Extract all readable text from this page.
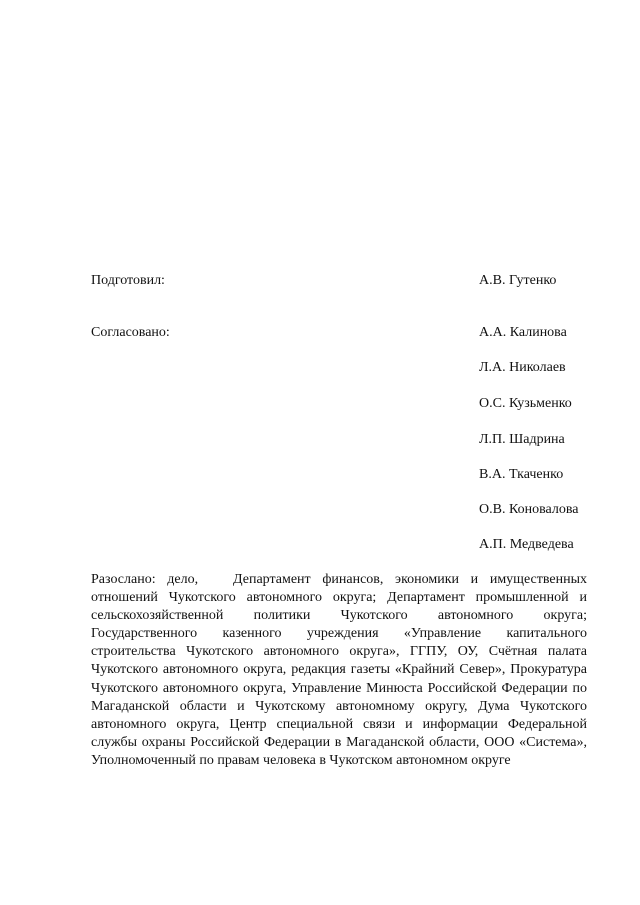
Подготовил:	А.В. Гутенко
Согласовано:	А.А. Калинова
Л.А. Николаев
О.С. Кузьменко
Л.П. Шадрина
В.А. Ткаченко
О.В. Коновалова
А.П. Медведева

Разослано: дело,   Департамент финансов, экономики и имущественных отношений Чукотского автономного округа; Департамент промышленной и сельскохозяйственной политики Чукотского автономного округа; Государственного казенного учреждения «Управление капитального строительства Чукотского автономного округа», ГГПУ, ОУ, Счётная палата Чукотского автономного округа, редакция газеты «Крайний Север», Прокуратура Чукотского автономного округа, Управление Минюста Российской Федерации по Магаданской области и Чукотскому автономному округу, Дума Чукотского автономного округа, Центр специальной связи и информации Федеральной службы охраны Российской Федерации в Магаданской области, ООО «Система», Уполномоченный по правам человека в Чукотском автономном округе
